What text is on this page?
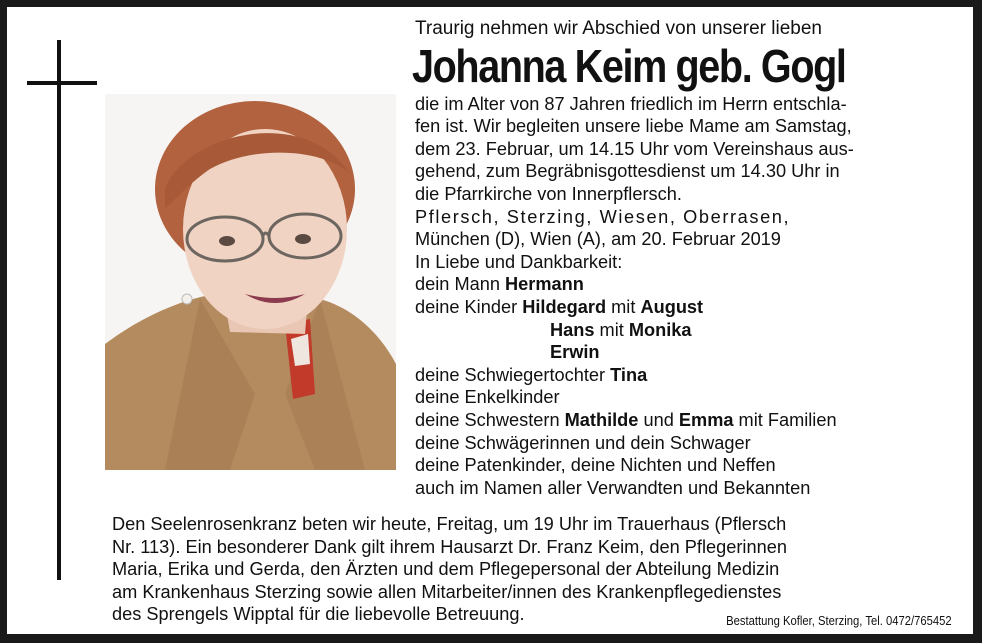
Traurig nehmen wir Abschied von unserer lieben
Johanna Keim geb. Gogl
die im Alter von 87 Jahren friedlich im Herrn entschla-
fen ist. Wir begleiten unsere liebe Mame am Samstag,
dem 23. Februar, um 14.15 Uhr vom Vereinshaus aus-
gehend, zum Begräbnisgottesdienst um 14.30 Uhr in
die Pfarrkirche von Innerpflersch.
Pflersch, Sterzing, Wiesen, Oberrasen,
München (D), Wien (A), am 20. Februar 2019
In Liebe und Dankbarkeit:
dein Mann Hermann
deine Kinder Hildegard mit August
Hans mit Monika
Erwin
deine Schwiegertochter Tina
deine Enkelkinder
deine Schwestern Mathilde und Emma mit Familien
deine Schwägerinnen und dein Schwager
deine Patenkinder, deine Nichten und Neffen
auch im Namen aller Verwandten und Bekannten
Den Seelenrosenkranz beten wir heute, Freitag, um 19 Uhr im Trauerhaus (Pflersch
Nr. 113). Ein besonderer Dank gilt ihrem Hausarzt Dr. Franz Keim, den Pflegerinnen
Maria, Erika und Gerda, den Ärzten und dem Pflegepersonal der Abteilung Medizin
am Krankenhaus Sterzing sowie allen Mitarbeiter/innen des Krankenpflegedienstes
des Sprengels Wipptal für die liebevolle Betreuung.	Bestattung Kofler, Sterzing, Tel. 0472/765452
